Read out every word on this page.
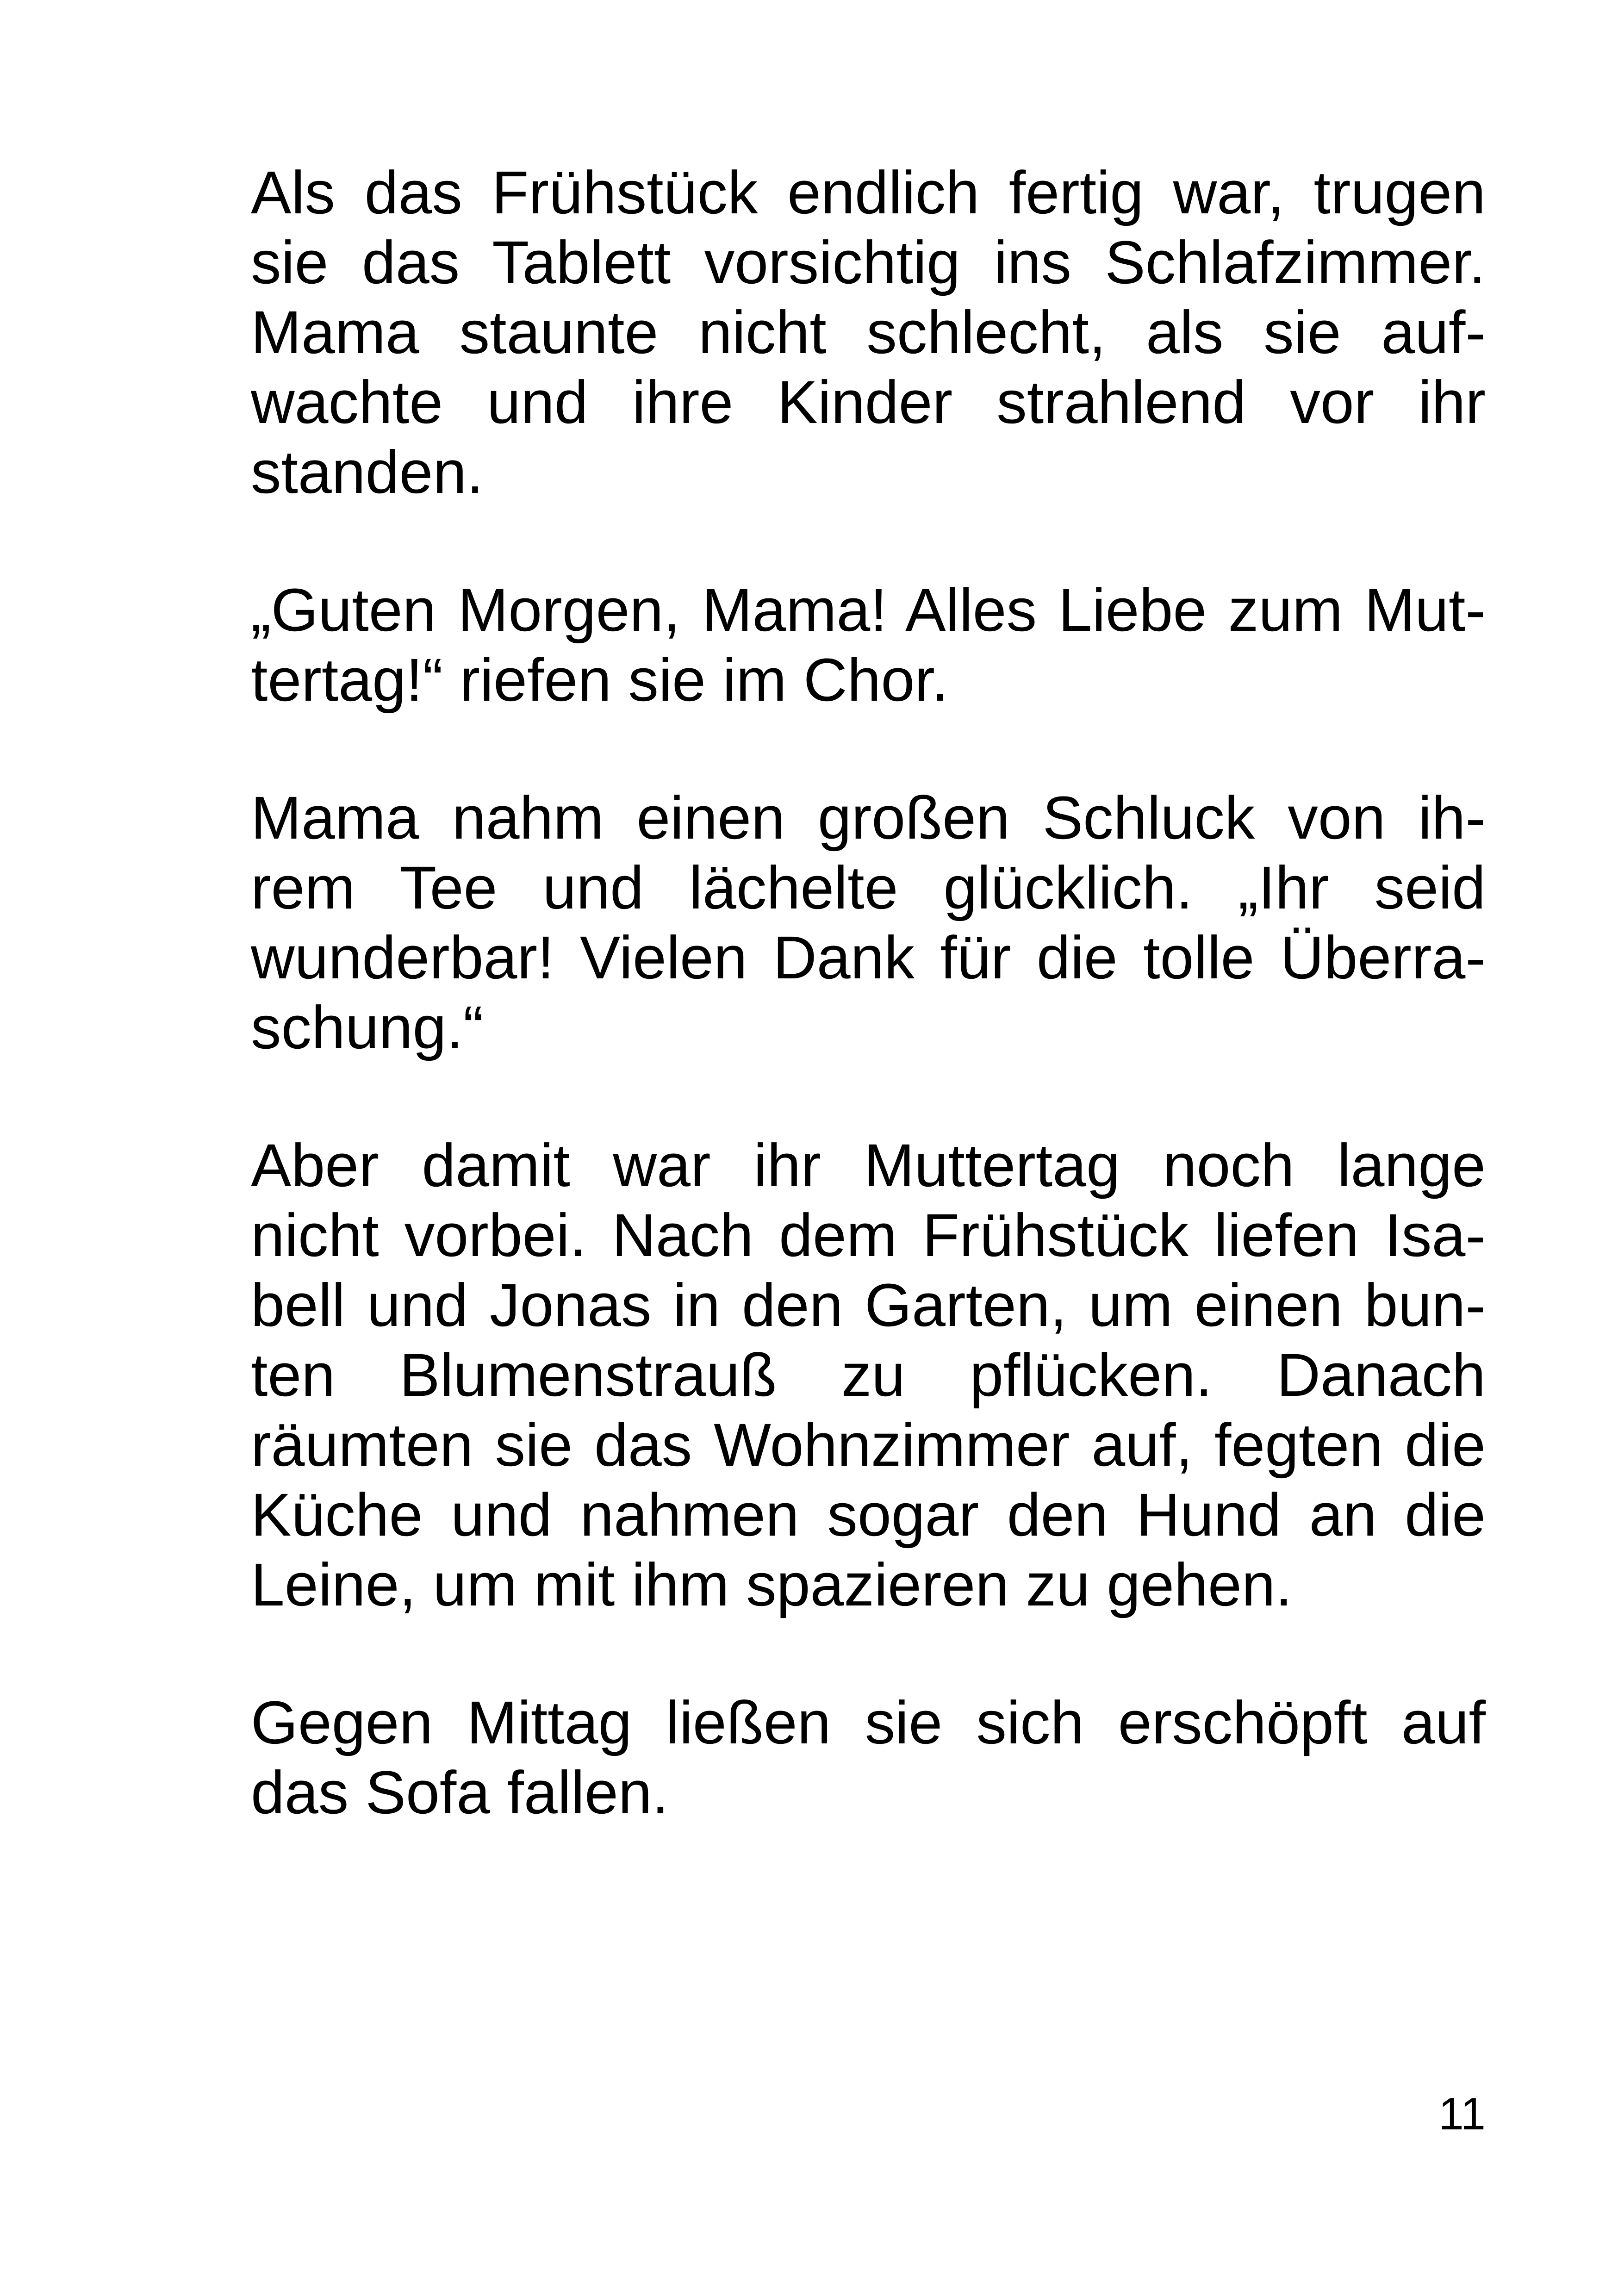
Als das Frühstück endlich fertig war, trugen
sie das Tablett vorsichtig ins Schlafzimmer.
Mama staunte nicht schlecht, als sie auf-
wachte und ihre Kinder strahlend vor ihr
standen.

„Guten Morgen, Mama! Alles Liebe zum Mut-
tertag!“ riefen sie im Chor.

Mama nahm einen großen Schluck von ih-
rem Tee und lächelte glücklich. „Ihr seid
wunderbar! Vielen Dank für die tolle Überra-
schung.“

Aber damit war ihr Muttertag noch lange
nicht vorbei. Nach dem Frühstück liefen Isa-
bell und Jonas in den Garten, um einen bun-
ten Blumenstrauß zu pflücken. Danach
räumten sie das Wohnzimmer auf, fegten die
Küche und nahmen sogar den Hund an die
Leine, um mit ihm spazieren zu gehen.

Gegen Mittag ließen sie sich erschöpft auf
das Sofa fallen.

11
